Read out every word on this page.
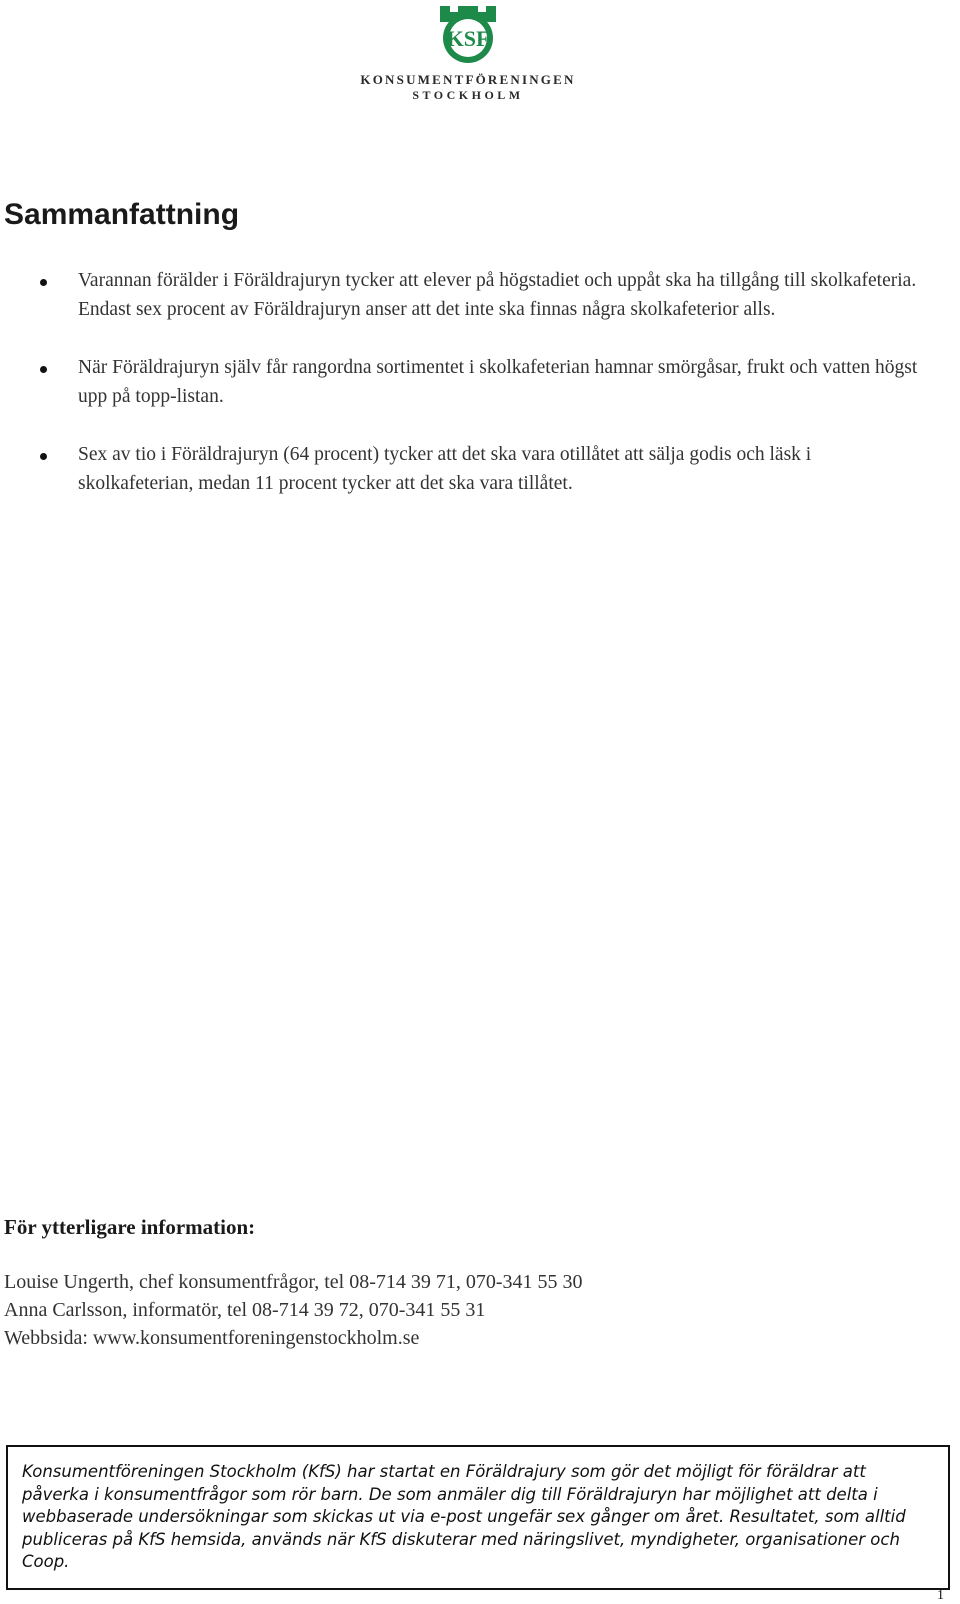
KSF
KONSUMENTFÖRENINGEN
STOCKHOLM
Sammanfattning
Varannan förälder i Föräldrajuryn tycker att elever på högstadiet och uppåt ska ha tillgång till skolkafeteria. Endast sex procent av Föräldrajuryn anser att det inte ska finnas några skolkafeterior alls.
När Föräldrajuryn själv får rangordna sortimentet i skolkafeterian hamnar smörgåsar, frukt och vatten högst upp på topp-listan.
Sex av tio i Föräldrajuryn (64 procent) tycker att det ska vara otillåtet att sälja godis och läsk i skolkafeterian, medan 11 procent tycker att det ska vara tillåtet.
För ytterligare information:
Louise Ungerth, chef konsumentfrågor, tel 08-714 39 71, 070-341 55 30
Anna Carlsson, informatör, tel 08-714 39 72, 070-341 55 31
Webbsida: www.konsumentforeningenstockholm.se
Konsumentföreningen Stockholm (KfS) har startat en Föräldrajury som gör det möjligt för föräldrar att påverka i konsumentfrågor som rör barn. De som anmäler dig till Föräldrajuryn har möjlighet att delta i webbaserade undersökningar som skickas ut via e-post ungefär sex gånger om året. Resultatet, som alltid publiceras på KfS hemsida, används när KfS diskuterar med näringslivet, myndigheter, organisationer och Coop.
1
